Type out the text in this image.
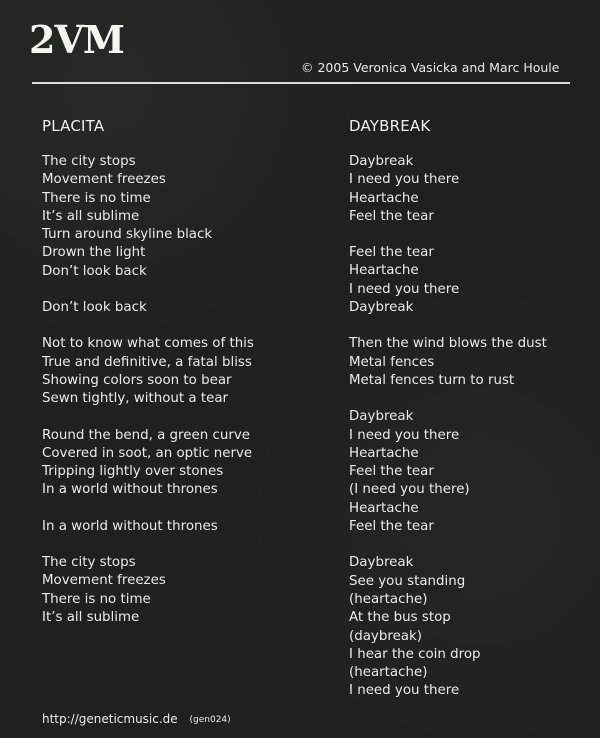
2VM
© 2005 Veronica Vasicka and Marc Houle
PLACITA
The city stops
Movement freezes
There is no time
It’s all sublime
Turn around skyline black
Drown the light
Don’t look back
Don’t look back
Not to know what comes of this
True and definitive, a fatal bliss
Showing colors soon to bear
Sewn tightly, without a tear
Round the bend, a green curve
Covered in soot, an optic nerve
Tripping lightly over stones
In a world without thrones
In a world without thrones
The city stops
Movement freezes
There is no time
It’s all sublime
DAYBREAK
Daybreak
I need you there
Heartache
Feel the tear
Feel the tear
Heartache
I need you there
Daybreak
Then the wind blows the dust
Metal fences
Metal fences turn to rust
Daybreak
I need you there
Heartache
Feel the tear
(I need you there)
Heartache
Feel the tear
Daybreak
See you standing
(heartache)
At the bus stop
(daybreak)
I hear the coin drop
(heartache)
I need you there
http://geneticmusic.de (gen024)
